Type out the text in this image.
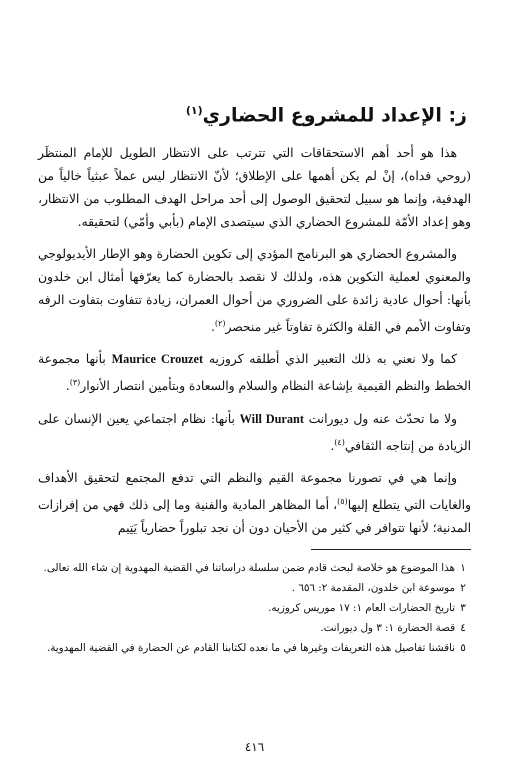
ز: الإعداد للمشروع الحضاري$^{(١)}$

هذا هو أحد أهم الاستحقاقات التي تترتب على الانتظار الطويل للإمام المنتظَر (روحي فداه)، إنْ لم يكن أهمها على الإطلاق؛ لأنّ الانتظار ليس عملاً عبثياً خالياً من الهدفية، وإنما هو سبيل لتحقيق الوصول إلى أحد مراحل الهدف المطلوب من الانتظار، وهو إعداد الأمّة للمشروع الحضاري الذي سيتصدى الإمام (بأبي وأمّي) لتحقيقه.

والمشروع الحضاري هو البرنامج المؤدي إلى تكوين الحضارة وهو الإطار الأيديولوجي والمعنوي لعملية التكوين هذه، ولذلك لا نقصد بالحضارة كما يعرّفها أمثال ابن خلدون بأنها: أحوال عادية زائدة على الضروري من أحوال العمران، زيادة تتفاوت بتفاوت الرفه وتفاوت الأمم في القلة والكثرة تفاوتاً غير منحصر$^{(٢)}$.

كما ولا نعني به ذلك التعبير الذي أطلقه كروزيه Maurice Crouzet بأنها مجموعة الخطط والنظم القيمية بإشاعة النظام والسلام والسعادة وبتأمين انتصار الأنوار$^{(٣)}$.

ولا ما تحدّث عنه ول ديورانت Will Durant بأنها: نظام اجتماعي يعين الإنسان على الزيادة من إنتاجه الثقافي$^{(٤)}$.

وإنما هي في تصورنا مجموعة القيم والنظم التي تدفع المجتمع لتحقيق الأهداف والغايات التي يتطلع إليها$^{(٥)}$، أما المظاهر المادية والفنية وما إلى ذلك فهي من إفرازات المدنية؛ لأنها تتوافر في كثير من الأحيان دون أن نجد تبلوراً حضارياً يَتِيم

١
هذا الموضوع هو خلاصة لبحث قادم ضمن سلسلة دراساتنا في القضية المهدوية إن شاء الله تعالى.
٢
موسوعة ابن خلدون، المقدمة ٢: ٦٥٦ .
٣
تاريخ الحضارات العام ١: ١٧ موريس كروزيه.
٤
قصة الحضارة ١: ٣ ول ديورانت.
٥
ناقشنا تفاصيل هذه التعريفات وغيرها في ما نعده لكتابنا القادم عن الحضارة في القضية المهدوية.
٤١٦
